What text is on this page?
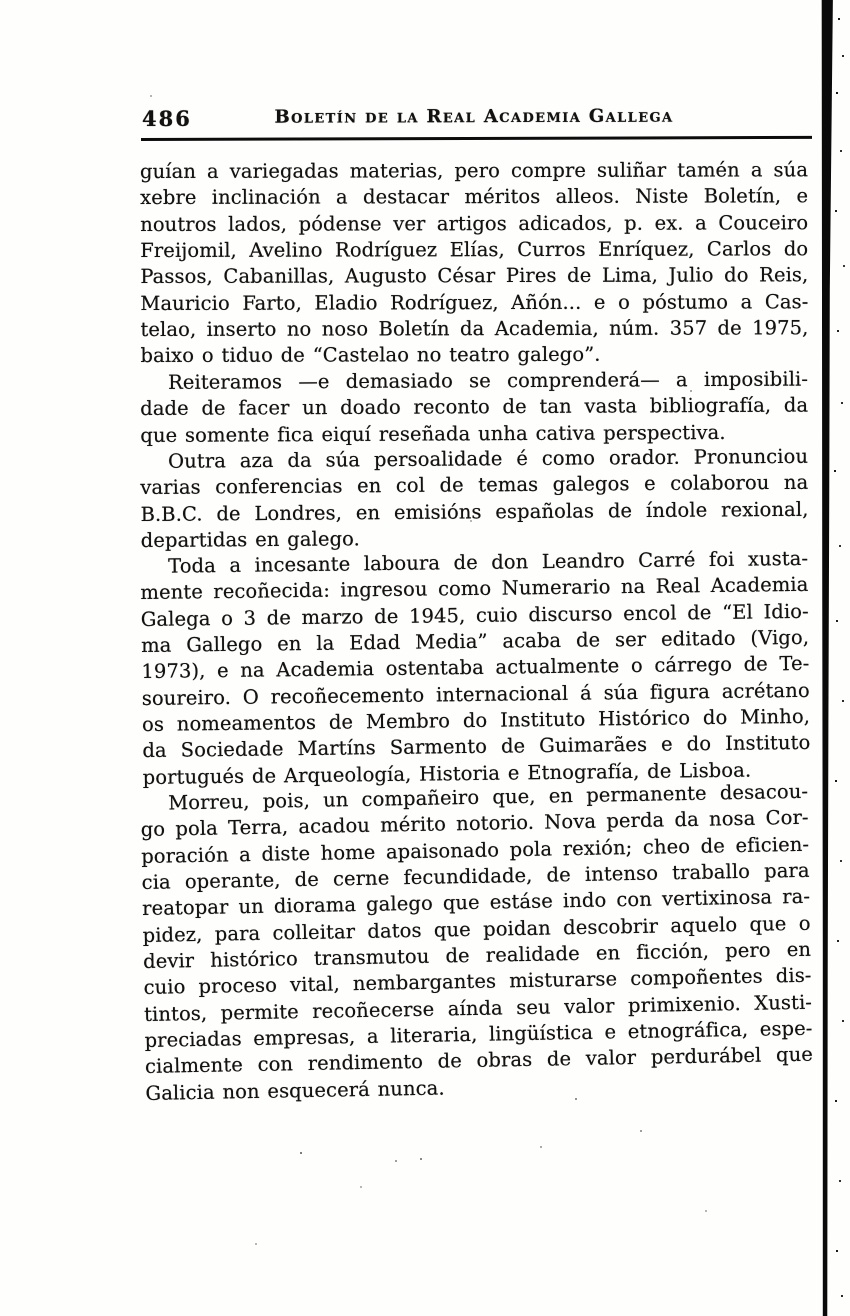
486	Boletín de la Real Academia Gallega
guían a variegadas materias, pero compre suliñar tamén a súa
xebre inclinación a destacar méritos alleos. Niste Boletín, e
noutros lados, pódense ver artigos adicados, p. ex. a Couceiro
Freijomil, Avelino Rodríguez Elías, Curros Enríquez, Carlos do
Passos, Cabanillas, Augusto César Pires de Lima, Julio do Reis,
Mauricio Farto, Eladio Rodríguez, Añón... e o póstumo a Cas-
telao, inserto no noso Boletín da Academia, núm. 357 de 1975,
baixo o tiduo de “Castelao no teatro galego”.
Reiteramos —e demasiado se comprenderá— a imposibili-
dade de facer un doado reconto de tan vasta bibliografía, da
que somente fica eiquí reseñada unha cativa perspectiva.
Outra aza da súa persoalidade é como orador. Pronunciou
varias conferencias en col de temas galegos e colaborou na
B.B.C. de Londres, en emisións españolas de índole rexional,
departidas en galego.
Toda a incesante laboura de don Leandro Carré foi xusta-
mente recoñecida: ingresou como Numerario na Real Academia
Galega o 3 de marzo de 1945, cuio discurso encol de “El Idio-
ma Gallego en la Edad Media” acaba de ser editado (Vigo,
1973), e na Academia ostentaba actualmente o cárrego de Te-
soureiro. O recoñecemento internacional á súa figura acrétano
os nomeamentos de Membro do Instituto Histórico do Minho,
da Sociedade Martíns Sarmento de Guimarães e do Instituto
portugués de Arqueología, Historia e Etnografía, de Lisboa.
Morreu, pois, un compañeiro que, en permanente desacou-
go pola Terra, acadou mérito notorio. Nova perda da nosa Cor-
poración a diste home apaisonado pola rexión; cheo de eficien-
cia operante, de cerne fecundidade, de intenso traballo para
reatopar un diorama galego que estáse indo con vertixinosa ra-
pidez, para colleitar datos que poidan descobrir aquelo que o
devir histórico transmutou de realidade en ficción, pero en
cuio proceso vital, nembargantes misturarse compoñentes dis-
tintos, permite recoñecerse aínda seu valor primixenio. Xusti-
preciadas empresas, a literaria, lingüística e etnográfica, espe-
cialmente con rendimento de obras de valor perdurábel que
Galicia non esquecerá nunca.
